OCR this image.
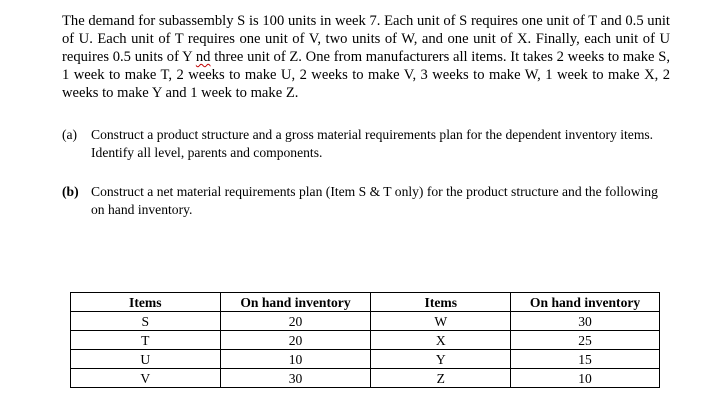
The demand for subassembly S is 100 units in week 7. Each unit of S requires one unit of T and 0.5 unit of U. Each unit of T requires one unit of V, two units of W, and one unit of X. Finally, each unit of U requires 0.5 units of Y nd three unit of Z. One from manufacturers all items. It takes 2 weeks to make S, 1 week to make T, 2 weeks to make U, 2 weeks to make V, 3 weeks to make W, 1 week to make X, 2 weeks to make Y and 1 week to make Z.

(a)	Construct a product structure and a gross material requirements plan for the dependent inventory items. Identify all level, parents and components.
(b) Construct a net material requirements plan (Item S & T only) for the product structure and the following on hand inventory.
Items	On hand inventory	Items	On hand inventory
S	20	W	30
T	20	X	25
U	10	Y	15
V	30	Z	10
